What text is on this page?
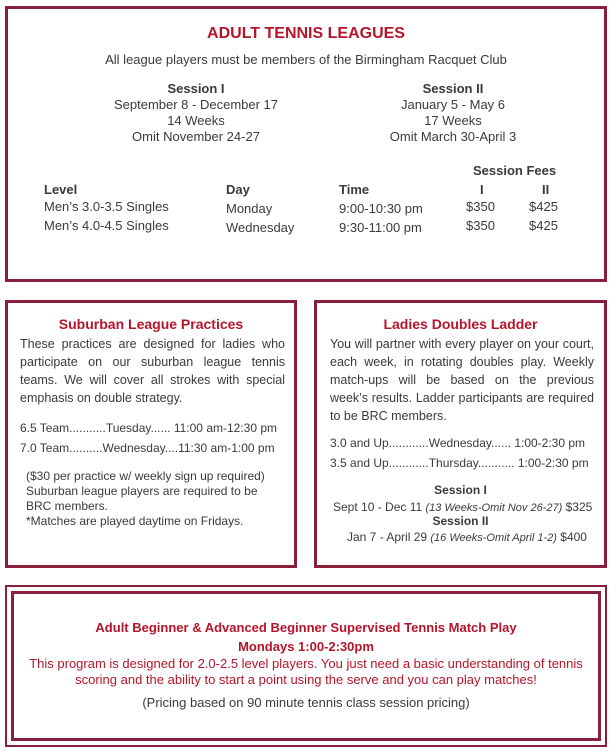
ADULT TENNIS LEAGUES
All league players must be members of the Birmingham Racquet Club
Session I
September 8 - December 17
14 Weeks
Omit November 24-27
Session II
January 5 - May 6
17 Weeks
Omit March 30-April 3
Session Fees
Level	Day	Time	I	II
Men’s 3.0-3.5 Singles	Monday	9:00-10:30 pm	$350	$425
Men’s 4.0-4.5 Singles	Wednesday	9:30-11:00 pm	$350	$425
Suburban League Practices
These practices are designed for ladies who participate on our suburban league tennis teams. We will cover all strokes with special emphasis on double strategy.
6.5 Team...........Tuesday...... 11:00 am-12:30 pm
7.0 Team..........Wednesday....11:30 am-1:00 pm
($30 per practice w/ weekly sign up required)
Suburban league players are required to be
BRC members.
*Matches are played daytime on Fridays.
Ladies Doubles Ladder
You will partner with every player on your court, each week, in rotating doubles play. Weekly match-ups will be based on the previous week’s results. Ladder participants are required to be BRC members.
3.0 and Up............Wednesday...... 1:00-2:30 pm
3.5 and Up............Thursday........... 1:00-2:30 pm
Session I
Sept 10 - Dec 11 (13 Weeks-Omit Nov 26-27) $325
Session II
Jan 7 - April 29 (16 Weeks-Omit April 1-2) $400
Adult Beginner & Advanced Beginner Supervised Tennis Match Play
Mondays 1:00-2:30pm
This program is designed for 2.0-2.5 level players. You just need a basic understanding of tennis scoring and the ability to start a point using the serve and you can play matches!
(Pricing based on 90 minute tennis class session pricing)
